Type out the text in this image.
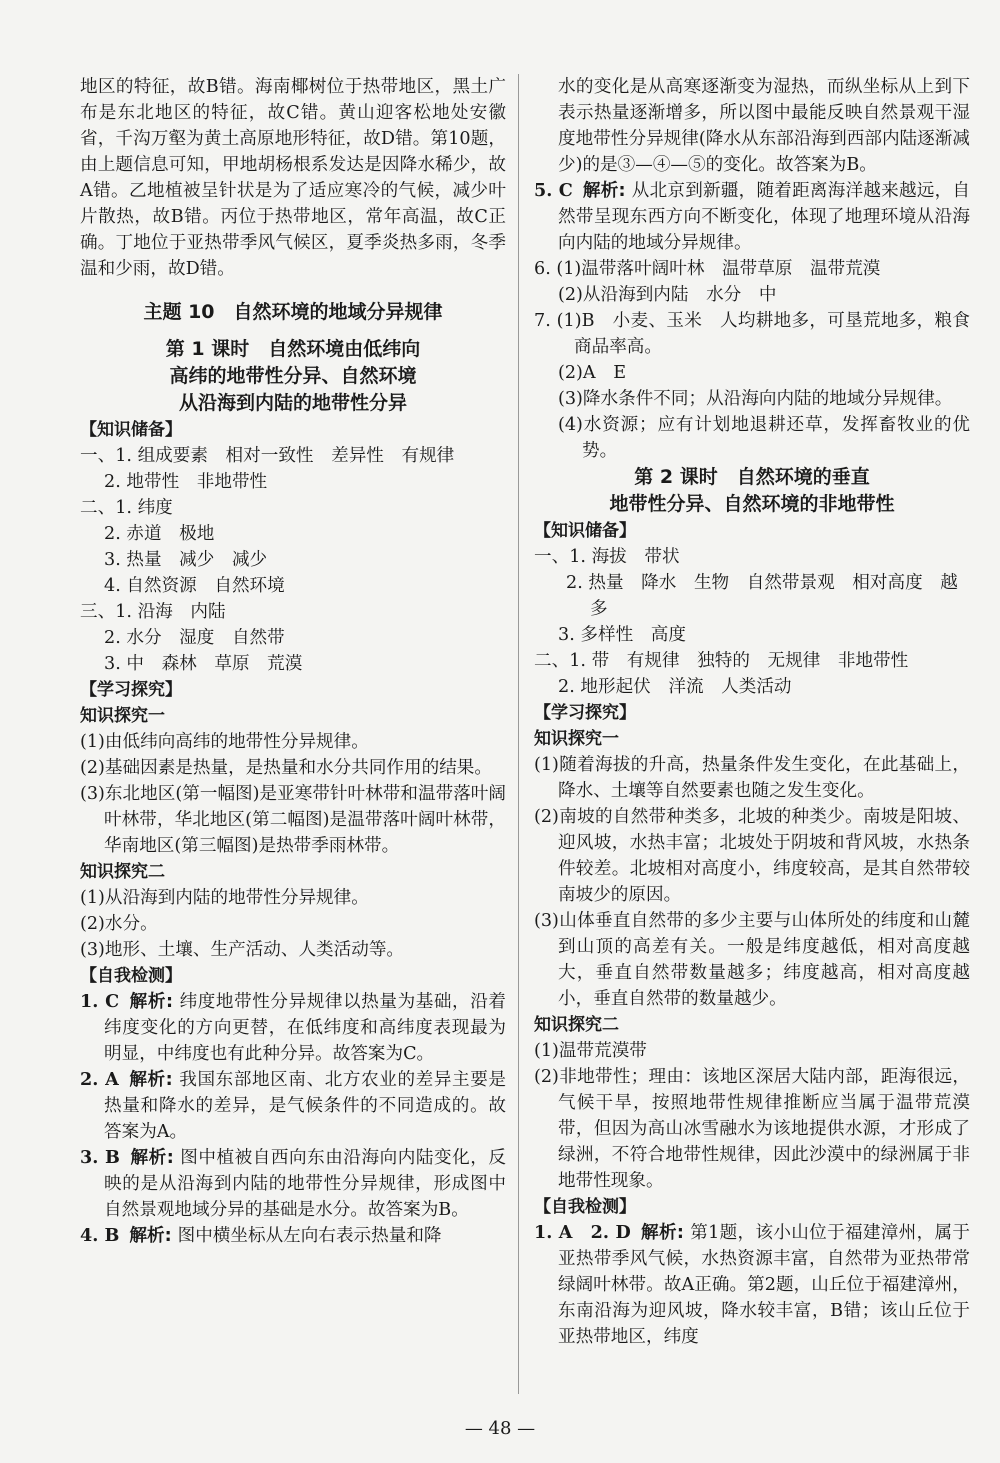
地区的特征，故B错。海南椰树位于热带地区，黑土广布是东北地区的特征，故C错。黄山迎客松地处安徽省，千沟万壑为黄土高原地形特征，故D错。第10题，由上题信息可知，甲地胡杨根系发达是因降水稀少，故A错。乙地植被呈针状是为了适应寒冷的气候，减少叶片散热，故B错。丙位于热带地区，常年高温，故C正确。丁地位于亚热带季风气候区，夏季炎热多雨，冬季温和少雨，故D错。

主题 10　自然环境的地域分异规律
第 1 课时　自然环境由低纬向
高纬的地带性分异、自然环境
从沿海到内陆的地带性分异
【知识储备】

一、1. 组成要素　相对一致性　差异性　有规律

2. 地带性　非地带性

二、1. 纬度

2. 赤道　极地

3. 热量　减少　减少

4. 自然资源　自然环境

三、1. 沿海　内陆

2. 水分　湿度　自然带

3. 中　森林　草原　荒漠

【学习探究】
知识探究一

(1)由低纬向高纬的地带性分异规律。

(2)基础因素是热量，是热量和水分共同作用的结果。

(3)东北地区(第一幅图)是亚寒带针叶林带和温带落叶阔叶林带，华北地区(第二幅图)是温带落叶阔叶林带，华南地区(第三幅图)是热带季雨林带。

知识探究二

(1)从沿海到内陆的地带性分异规律。

(2)水分。

(3)地形、土壤、生产活动、人类活动等。

【自我检测】

1. C 解析: 纬度地带性分异规律以热量为基础，沿着纬度变化的方向更替，在低纬度和高纬度表现最为明显，中纬度也有此种分异。故答案为C。

2. A 解析: 我国东部地区南、北方农业的差异主要是热量和降水的差异，是气候条件的不同造成的。故答案为A。

3. B 解析: 图中植被自西向东由沿海向内陆变化，反映的是从沿海到内陆的地带性分异规律，形成图中自然景观地域分异的基础是水分。故答案为B。

4. B 解析: 图中横坐标从左向右表示热量和降

水的变化是从高寒逐渐变为湿热，而纵坐标从上到下表示热量逐渐增多，所以图中最能反映自然景观干湿度地带性分异规律(降水从东部沿海到西部内陆逐渐减少)的是③—④—⑤的变化。故答案为B。

5. C 解析: 从北京到新疆，随着距离海洋越来越远，自然带呈现东西方向不断变化，体现了地理环境从沿海向内陆的地域分异规律。

6. (1)温带落叶阔叶林　温带草原　温带荒漠

(2)从沿海到内陆　水分　中

7. (1)B　小麦、玉米　人均耕地多，可垦荒地多，粮食商品率高。

(2)A　E

(3)降水条件不同；从沿海向内陆的地域分异规律。

(4)水资源；应有计划地退耕还草，发挥畜牧业的优势。

第 2 课时　自然环境的垂直
地带性分异、自然环境的非地带性
【知识储备】

一、1. 海拔　带状

2. 热量　降水　生物　自然带景观　相对高度　越多

3. 多样性　高度

二、1. 带　有规律　独特的　无规律　非地带性

2. 地形起伏　洋流　人类活动

【学习探究】
知识探究一

(1)随着海拔的升高，热量条件发生变化，在此基础上，降水、土壤等自然要素也随之发生变化。

(2)南坡的自然带种类多，北坡的种类少。南坡是阳坡、迎风坡，水热丰富；北坡处于阴坡和背风坡，水热条件较差。北坡相对高度小，纬度较高，是其自然带较南坡少的原因。

(3)山体垂直自然带的多少主要与山体所处的纬度和山麓到山顶的高差有关。一般是纬度越低，相对高度越大，垂直自然带数量越多；纬度越高，相对高度越小，垂直自然带的数量越少。

知识探究二

(1)温带荒漠带

(2)非地带性；理由：该地区深居大陆内部，距海很远，气候干旱，按照地带性规律推断应当属于温带荒漠带，但因为高山冰雪融水为该地提供水源，才形成了绿洲，不符合地带性规律，因此沙漠中的绿洲属于非地带性现象。

【自我检测】

1. A　2. D 解析: 第1题，该小山位于福建漳州，属于亚热带季风气候，水热资源丰富，自然带为亚热带常绿阔叶林带。故A正确。第2题，山丘位于福建漳州，东南沿海为迎风坡，降水较丰富，B错；该山丘位于亚热带地区，纬度

— 48 —
